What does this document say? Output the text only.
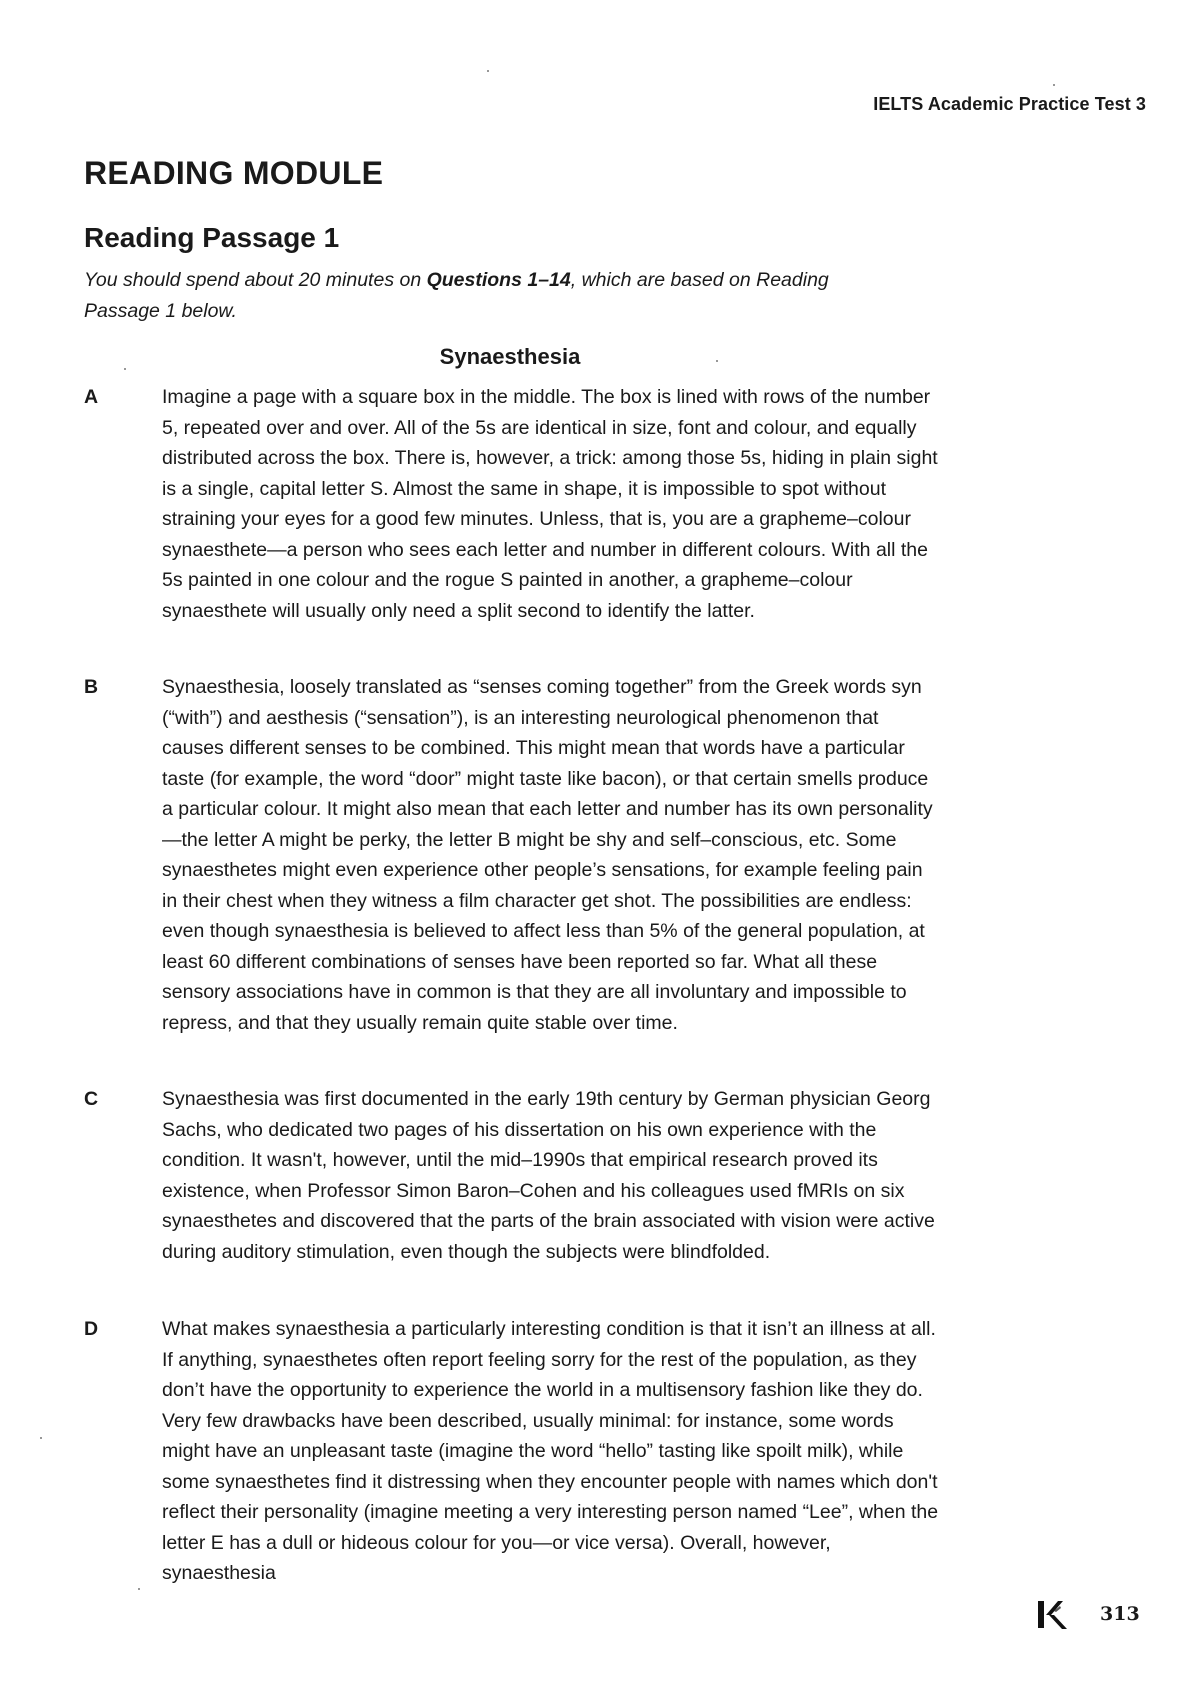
IELTS Academic Practice Test 3
READING MODULE
Reading Passage 1

You should spend about 20 minutes on Questions 1–14, which are based on Reading Passage 1 below.

Synaesthesia
A	Imagine a page with a square box in the middle. The box is lined with rows of the number 5, repeated over and over. All of the 5s are identical in size, font and colour, and equally distributed across the box. There is, however, a trick: among those 5s, hiding in plain sight is a single, capital letter S. Almost the same in shape, it is impossible to spot without straining your eyes for a good few minutes. Unless, that is, you are a grapheme–colour synaesthete—a person who sees each letter and number in different colours. With all the 5s painted in one colour and the rogue S painted in another, a grapheme–colour synaesthete will usually only need a split second to identify the latter.

B	Synaesthesia, loosely translated as “senses coming together” from the Greek words syn (“with”) and aesthesis (“sensation”), is an interesting neurological phenomenon that causes different senses to be combined. This might mean that words have a particular taste (for example, the word “door” might taste like bacon), or that certain smells produce a particular colour. It might also mean that each letter and number has its own personality—the letter A might be perky, the letter B might be shy and self–conscious, etc. Some synaesthetes might even experience other people’s sensations, for example feeling pain in their chest when they witness a film character get shot. The possibilities are endless: even though synaesthesia is believed to affect less than 5% of the general population, at least 60 different combinations of senses have been reported so far. What all these sensory associations have in common is that they are all involuntary and impossible to repress, and that they usually remain quite stable over time.

C	Synaesthesia was first documented in the early 19th century by German physician Georg Sachs, who dedicated two pages of his dissertation on his own experience with the condition. It wasn't, however, until the mid–1990s that empirical research proved its existence, when Professor Simon Baron–Cohen and his colleagues used fMRIs on six synaesthetes and discovered that the parts of the brain associated with vision were active during auditory stimulation, even though the subjects were blindfolded.

D	What makes synaesthesia a particularly interesting condition is that it isn’t an illness at all. If anything, synaesthetes often report feeling sorry for the rest of the population, as they don’t have the opportunity to experience the world in a multisensory fashion like they do. Very few drawbacks have been described, usually minimal: for instance, some words might have an unpleasant taste (imagine the word “hello” tasting like spoilt milk), while some synaesthetes find it distressing when they encounter people with names which don't reflect their personality (imagine meeting a very interesting person named “Lee”, when the letter E has a dull or hideous colour for you—or vice versa). Overall, however, synaesthesia

313
